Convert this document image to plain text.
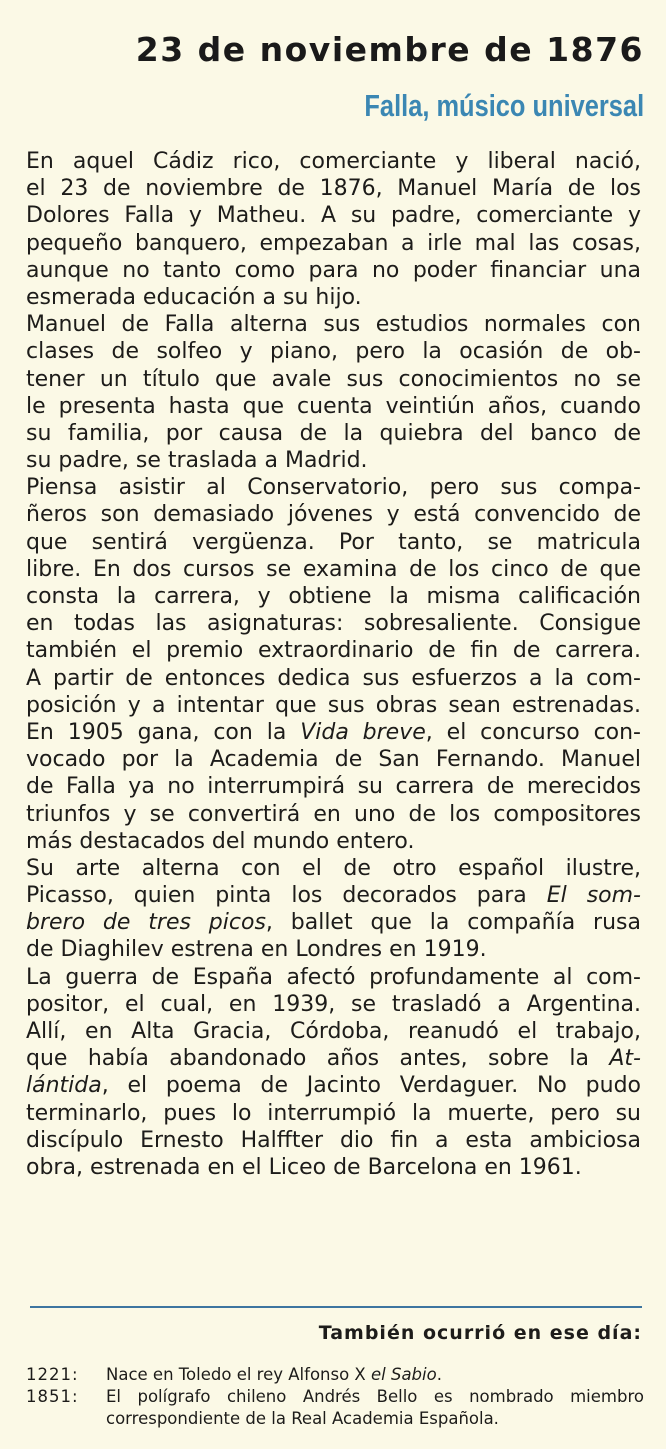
23 de noviembre de 1876
Falla, músico universal
En aquel Cádiz rico, comerciante y liberal nació,
el 23 de noviembre de 1876, Manuel María de los
Dolores Falla y Matheu. A su padre, comerciante y
pequeño banquero, empezaban a irle mal las cosas,
aunque no tanto como para no poder financiar una
esmerada educación a su hijo.
Manuel de Falla alterna sus estudios normales con
clases de solfeo y piano, pero la ocasión de ob-
tener un título que avale sus conocimientos no se
le presenta hasta que cuenta veintiún años, cuando
su familia, por causa de la quiebra del banco de
su padre, se traslada a Madrid.
Piensa asistir al Conservatorio, pero sus compa-
ñeros son demasiado jóvenes y está convencido de
que sentirá vergüenza. Por tanto, se matricula
libre. En dos cursos se examina de los cinco de que
consta la carrera, y obtiene la misma calificación
en todas las asignaturas: sobresaliente. Consigue
también el premio extraordinario de fin de carrera.
A partir de entonces dedica sus esfuerzos a la com-
posición y a intentar que sus obras sean estrenadas.
En 1905 gana, con la Vida breve, el concurso con-
vocado por la Academia de San Fernando. Manuel
de Falla ya no interrumpirá su carrera de merecidos
triunfos y se convertirá en uno de los compositores
más destacados del mundo entero.
Su arte alterna con el de otro español ilustre,
Picasso, quien pinta los decorados para El som-
brero de tres picos, ballet que la compañía rusa
de Diaghilev estrena en Londres en 1919.
La guerra de España afectó profundamente al com-
positor, el cual, en 1939, se trasladó a Argentina.
Allí, en Alta Gracia, Córdoba, reanudó el trabajo,
que había abandonado años antes, sobre la At-
lántida, el poema de Jacinto Verdaguer. No pudo
terminarlo, pues lo interrumpió la muerte, pero su
discípulo Ernesto Halffter dio fin a esta ambiciosa
obra, estrenada en el Liceo de Barcelona en 1961.
También ocurrió en ese día:
1221: Nace en Toledo el rey Alfonso X el Sabio.
1851: El polígrafo chileno Andrés Bello es nombrado miembro
correspondiente de la Real Academia Española.
